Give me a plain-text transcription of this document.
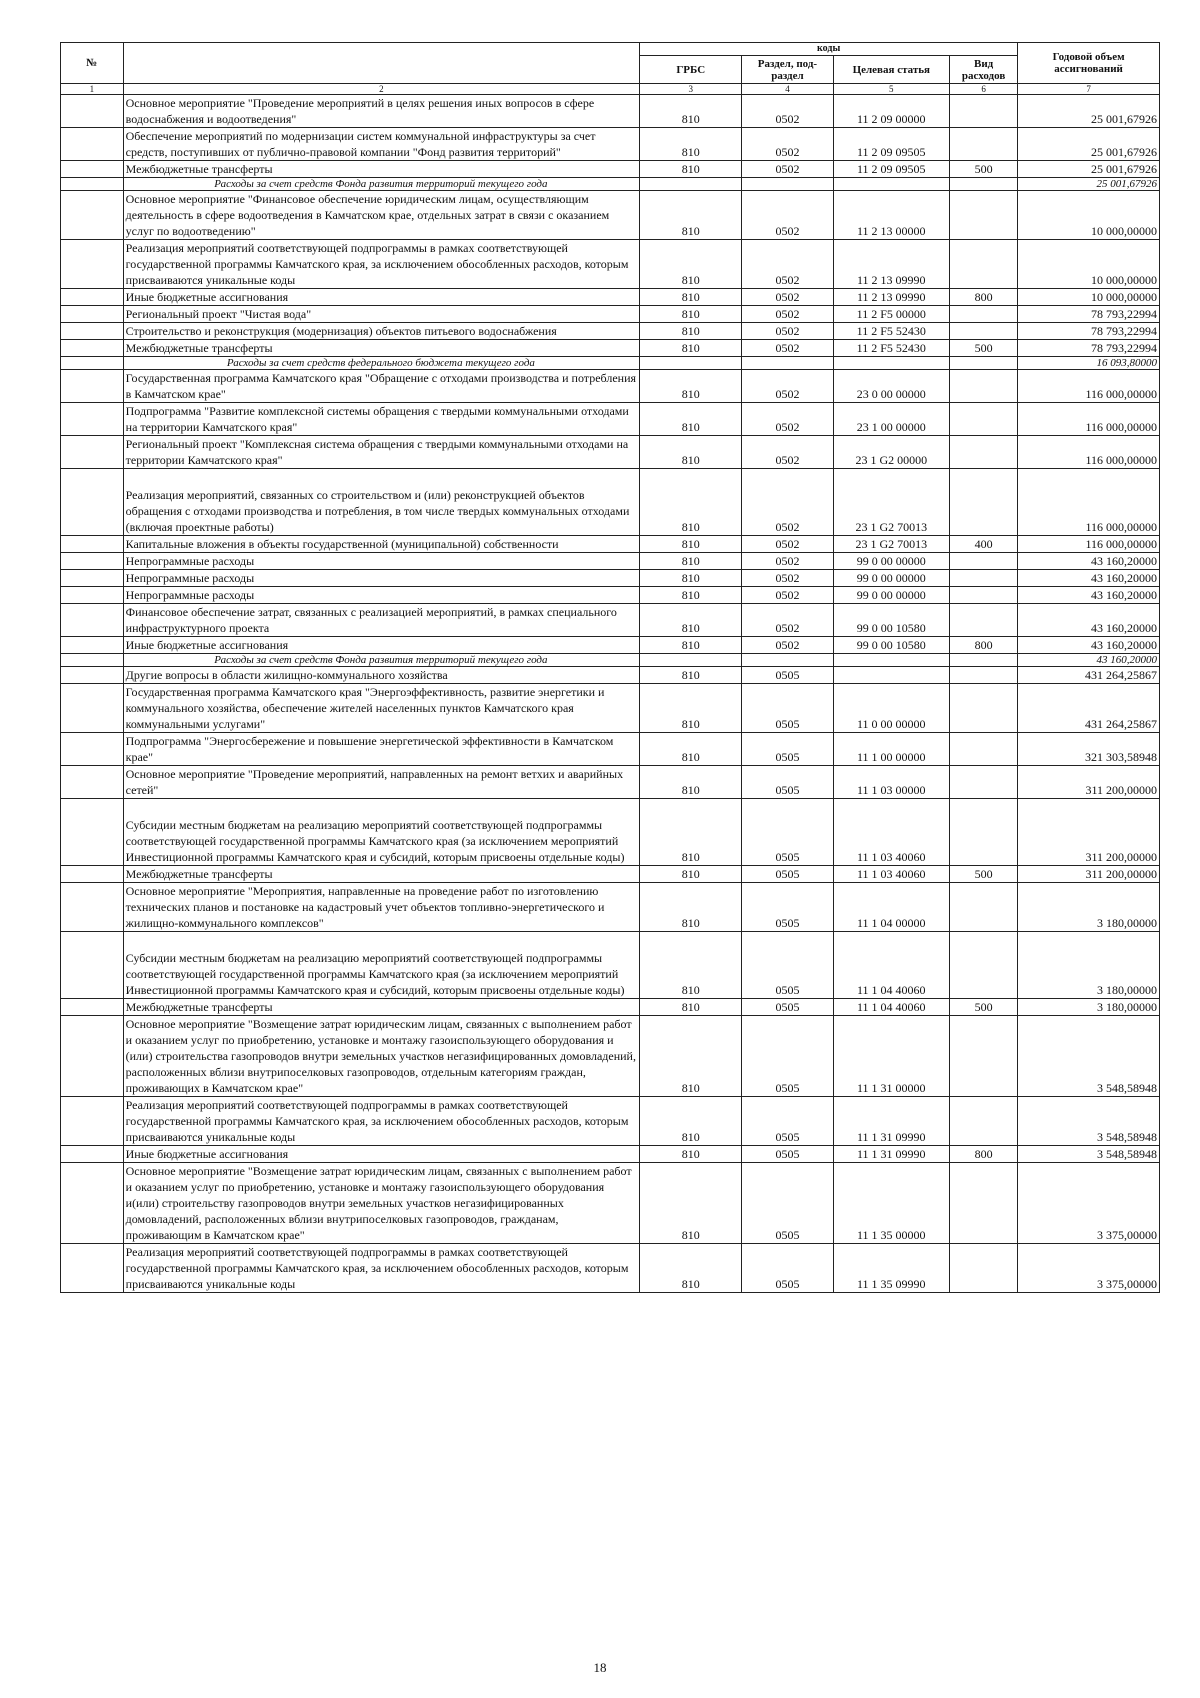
№		коды				Годовой объем ассигнований
		ГРБС	Раздел, под-раздел	Целевая статья	Вид расходов	
1	2	3	4	5	6	7
	Основное мероприятие "Проведение мероприятий в целях решения иных вопросов в сфере водоснабжения и водоотведения"	810	0502	11 2 09 00000		25 001,67926
	Обеспечение мероприятий по модернизации систем коммунальной инфраструктуры за счет средств, поступивших от публично-правовой компании "Фонд развития территорий"	810	0502	11 2 09 09505		25 001,67926
	Межбюджетные трансферты	810	0502	11 2 09 09505	500	25 001,67926
	Расходы за счет средств Фонда развития территорий текущего года					25 001,67926
	Основное мероприятие "Финансовое обеспечение юридическим лицам, осуществляющим деятельность в сфере водоотведения в Камчатском крае, отдельных затрат в связи с оказанием услуг по водоотведению"	810	0502	11 2 13 00000		10 000,00000
	Реализация мероприятий соответствующей подпрограммы в рамках соответствующей государственной программы Камчатского края, за исключением обособленных расходов, которым присваиваются уникальные коды	810	0502	11 2 13 09990		10 000,00000
	Иные бюджетные ассигнования	810	0502	11 2 13 09990	800	10 000,00000
	Региональный проект "Чистая вода"	810	0502	11 2 F5 00000		78 793,22994
	Строительство и реконструкция (модернизация) объектов питьевого водоснабжения	810	0502	11 2 F5 52430		78 793,22994
	Межбюджетные трансферты	810	0502	11 2 F5 52430	500	78 793,22994
	Расходы за счет средств федерального бюджета текущего года					16 093,80000
	Государственная программа Камчатского края "Обращение с отходами производства и потребления в Камчатском крае"	810	0502	23 0 00 00000		116 000,00000
	Подпрограмма "Развитие комплексной системы обращения с твердыми коммунальными отходами на территории Камчатского края"	810	0502	23 1 00 00000		116 000,00000
	Региональный проект "Комплексная система обращения с твердыми коммунальными отходами на территории Камчатского края"	810	0502	23 1 G2 00000		116 000,00000
	Реализация мероприятий, связанных со строительством и (или) реконструкцией объектов обращения с отходами производства и потребления, в том числе твердых коммунальных отходами (включая проектные работы)	810	0502	23 1 G2 70013		116 000,00000
	Капитальные вложения в объекты государственной (муниципальной) собственности	810	0502	23 1 G2 70013	400	116 000,00000
	Непрограммные расходы	810	0502	99 0 00 00000		43 160,20000
	Непрограммные расходы	810	0502	99 0 00 00000		43 160,20000
	Непрограммные расходы	810	0502	99 0 00 00000		43 160,20000
	Финансовое обеспечение затрат, связанных с реализацией мероприятий, в рамках специального инфраструктурного проекта	810	0502	99 0 00 10580		43 160,20000
	Иные бюджетные ассигнования	810	0502	99 0 00 10580	800	43 160,20000
	Расходы за счет средств Фонда развития территорий текущего года					43 160,20000
	Другие вопросы в области жилищно-коммунального хозяйства	810	0505			431 264,25867
	Государственная программа Камчатского края "Энергоэффективность, развитие энергетики и коммунального хозяйства, обеспечение жителей населенных пунктов Камчатского края коммунальными услугами"	810	0505	11 0 00 00000		431 264,25867
	Подпрограмма "Энергосбережение и повышение энергетической эффективности в Камчатском крае"	810	0505	11 1 00 00000		321 303,58948
	Основное мероприятие "Проведение мероприятий, направленных на ремонт ветхих и аварийных сетей"	810	0505	11 1 03 00000		311 200,00000
	Субсидии местным бюджетам на реализацию мероприятий соответствующей подпрограммы соответствующей государственной программы Камчатского края (за исключением мероприятий Инвестиционной программы Камчатского края и субсидий, которым присвоены отдельные коды)	810	0505	11 1 03 40060		311 200,00000
	Межбюджетные трансферты	810	0505	11 1 03 40060	500	311 200,00000
	Основное мероприятие "Мероприятия, направленные на проведение работ по изготовлению технических планов и постановке на кадастровый учет объектов топливно-энергетического и жилищно-коммунального комплексов"	810	0505	11 1 04 00000		3 180,00000
	Субсидии местным бюджетам на реализацию мероприятий соответствующей подпрограммы соответствующей государственной программы Камчатского края (за исключением мероприятий Инвестиционной программы Камчатского края и субсидий, которым присвоены отдельные коды)	810	0505	11 1 04 40060		3 180,00000
	Межбюджетные трансферты	810	0505	11 1 04 40060	500	3 180,00000
	Основное мероприятие "Возмещение затрат юридическим лицам, связанных с выполнением работ и оказанием услуг по приобретению, установке и монтажу газоиспользующего оборудования и (или) строительства газопроводов внутри земельных участков негазифицированных домовладений, расположенных вблизи внутрипоселковых газопроводов, отдельным категориям граждан, проживающих в Камчатском крае"	810	0505	11 1 31 00000		3 548,58948
	Реализация мероприятий соответствующей подпрограммы в рамках соответствующей государственной программы Камчатского края, за исключением обособленных расходов, которым присваиваются уникальные коды	810	0505	11 1 31 09990		3 548,58948
	Иные бюджетные ассигнования	810	0505	11 1 31 09990	800	3 548,58948
	Основное мероприятие "Возмещение затрат юридическим лицам, связанных с выполнением работ и оказанием услуг по приобретению, установке и монтажу газоиспользующего оборудования и(или) строительству газопроводов внутри земельных участков негазифицированных домовладений, расположенных вблизи внутрипоселковых газопроводов, гражданам, проживающим в Камчатском крае"	810	0505	11 1 35 00000		3 375,00000
	Реализация мероприятий соответствующей подпрограммы в рамках соответствующей государственной программы Камчатского края, за исключением обособленных расходов, которым присваиваются уникальные коды	810	0505	11 1 35 09990		3 375,00000
18
